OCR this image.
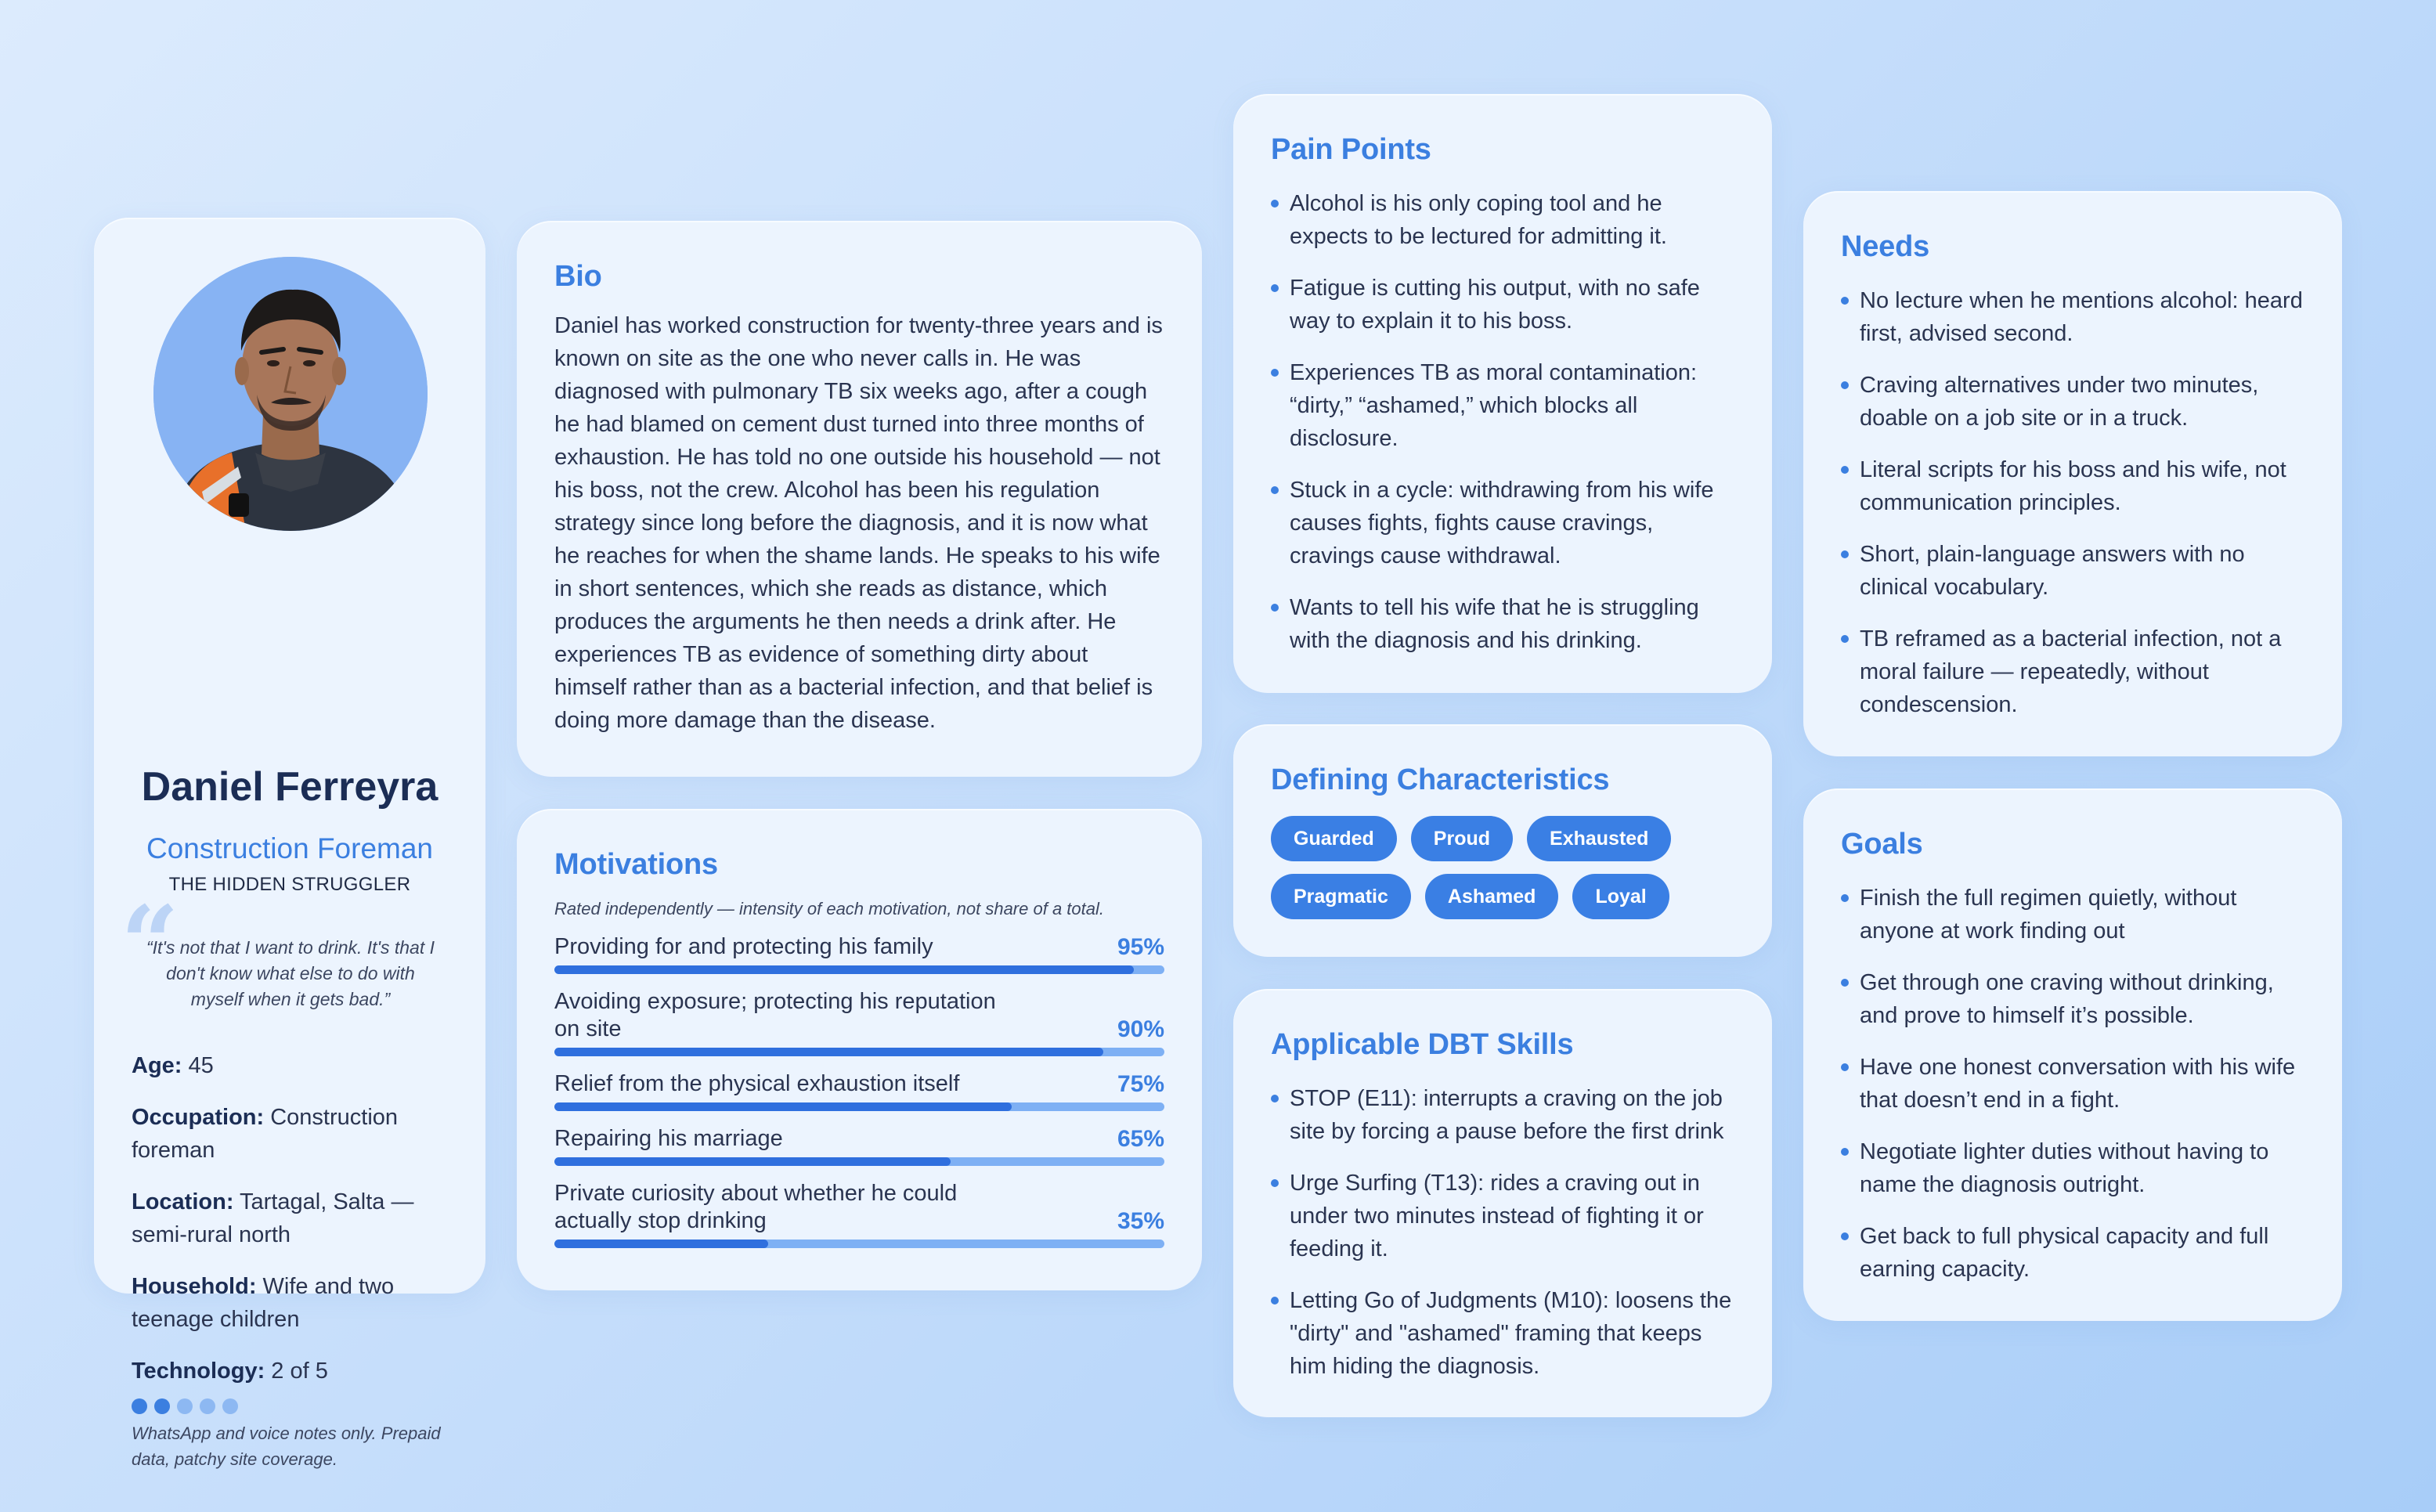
Daniel Ferreyra
Construction Foreman
THE HIDDEN STRUGGLER
“
“It's not that I want to drink. It's that I don't know what else to do with myself when it gets bad.”
Age: 45
Occupation: Construction foreman
Location: Tartagal, Salta — semi-rural north
Household: Wife and two teenage children
Technology: 2 of 5
WhatsApp and voice notes only. Prepaid data, patchy site coverage.
Bio
Daniel has worked construction for twenty-three years and is known on site as the one who never calls in. He was diagnosed with pulmonary TB six weeks ago, after a cough he had blamed on cement dust turned into three months of exhaustion. He has told no one outside his household — not his boss, not the crew. Alcohol has been his regulation strategy since long before the diagnosis, and it is now what he reaches for when the shame lands. He speaks to his wife in short sentences, which she reads as distance, which produces the arguments he then needs a drink after. He experiences TB as evidence of something dirty about himself rather than as a bacterial infection, and that belief is doing more damage than the disease.
Motivations
Rated independently — intensity of each motivation, not share of a total.
Providing for and protecting his family	95%
Avoiding exposure; protecting his reputation on site	90%
Relief from the physical exhaustion itself	75%
Repairing his marriage	65%
Private curiosity about whether he could actually stop drinking	35%
Pain Points
Alcohol is his only coping tool and he expects to be lectured for admitting it.
Fatigue is cutting his output, with no safe way to explain it to his boss.
Experiences TB as moral contamination: “dirty,” “ashamed,” which blocks all disclosure.
Stuck in a cycle: withdrawing from his wife causes fights, fights cause cravings, cravings cause withdrawal.
Wants to tell his wife that he is struggling with the diagnosis and his drinking.
Defining Characteristics
Guarded	Proud	Exhausted
Pragmatic	Ashamed	Loyal
Applicable DBT Skills
STOP (E11): interrupts a craving on the job site by forcing a pause before the first drink
Urge Surfing (T13): rides a craving out in under two minutes instead of fighting it or feeding it.
Letting Go of Judgments (M10): loosens the "dirty" and "ashamed" framing that keeps him hiding the diagnosis.
Needs
No lecture when he mentions alcohol: heard first, advised second.
Craving alternatives under two minutes, doable on a job site or in a truck.
Literal scripts for his boss and his wife, not communication principles.
Short, plain-language answers with no clinical vocabulary.
TB reframed as a bacterial infection, not a moral failure — repeatedly, without condescension.
Goals
Finish the full regimen quietly, without anyone at work finding out
Get through one craving without drinking, and prove to himself it’s possible.
Have one honest conversation with his wife that doesn’t end in a fight.
Negotiate lighter duties without having to name the diagnosis outright.
Get back to full physical capacity and full earning capacity.
